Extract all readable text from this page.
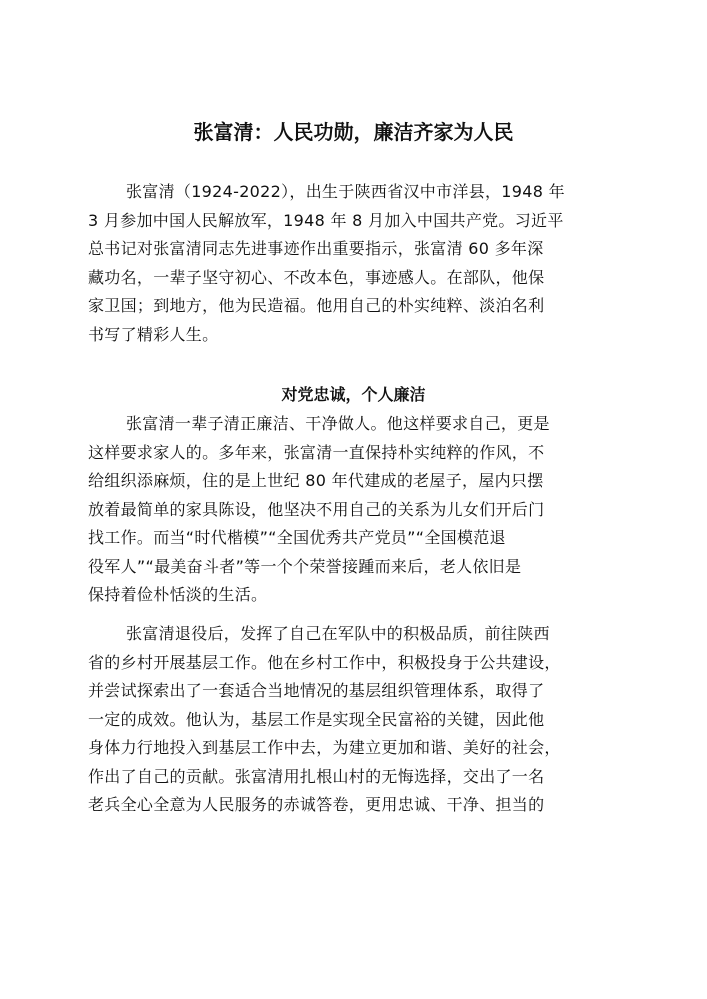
张富清：人民功勋，廉洁齐家为人民
张富清（1924-2022），出生于陕西省汉中市洋县，1948 年
3 月参加中国人民解放军，1948 年 8 月加入中国共产党。习近平
总书记对张富清同志先进事迹作出重要指示，张富清 60 多年深
藏功名，一辈子坚守初心、不改本色，事迹感人。在部队，他保
家卫国；到地方，他为民造福。他用自己的朴实纯粹、淡泊名利
书写了精彩人生。
对党忠诚，个人廉洁
张富清一辈子清正廉洁、干净做人。他这样要求自己，更是
这样要求家人的。多年来，张富清一直保持朴实纯粹的作风，不
给组织添麻烦，住的是上世纪 80 年代建成的老屋子，屋内只摆
放着最简单的家具陈设，他坚决不用自己的关系为儿女们开后门
找工作。而当“时代楷模”“全国优秀共产党员”“全国模范退
役军人”“最美奋斗者”等一个个荣誉接踵而来后，老人依旧是
保持着俭朴恬淡的生活。
张富清退役后，发挥了自己在军队中的积极品质，前往陕西
省的乡村开展基层工作。他在乡村工作中，积极投身于公共建设，
并尝试探索出了一套适合当地情况的基层组织管理体系，取得了
一定的成效。他认为，基层工作是实现全民富裕的关键，因此他
身体力行地投入到基层工作中去，为建立更加和谐、美好的社会，
作出了自己的贡献。张富清用扎根山村的无悔选择，交出了一名
老兵全心全意为人民服务的赤诚答卷，更用忠诚、干净、担当的
